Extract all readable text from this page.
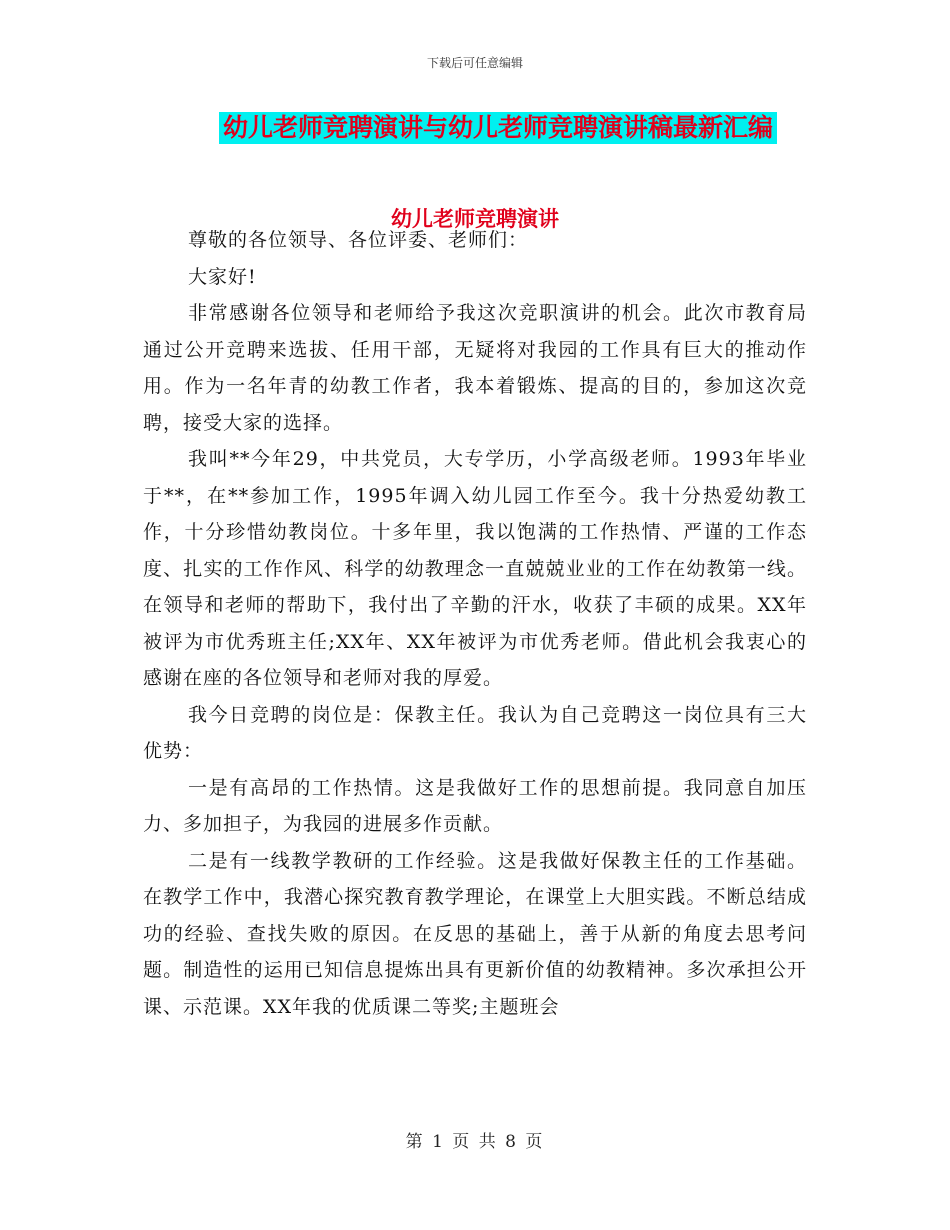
下载后可任意编辑
幼儿老师竞聘演讲与幼儿老师竞聘演讲稿最新汇编
幼儿老师竞聘演讲

尊敬的各位领导、各位评委、老师们：

大家好!

非常感谢各位领导和老师给予我这次竞职演讲的机会。此次市教育局通过公开竞聘来选拔、任用干部，无疑将对我园的工作具有巨大的推动作用。作为一名年青的幼教工作者，我本着锻炼、提高的目的，参加这次竞聘，接受大家的选择。

我叫**今年29，中共党员，大专学历，小学高级老师。1993年毕业于**，在**参加工作，1995年调入幼儿园工作至今。我十分热爱幼教工作，十分珍惜幼教岗位。十多年里，我以饱满的工作热情、严谨的工作态度、扎实的工作作风、科学的幼教理念一直兢兢业业的工作在幼教第一线。在领导和老师的帮助下，我付出了辛勤的汗水，收获了丰硕的成果。XX年被评为市优秀班主任;XX年、XX年被评为市优秀老师。借此机会我衷心的感谢在座的各位领导和老师对我的厚爱。

我今日竞聘的岗位是：保教主任。我认为自己竞聘这一岗位具有三大优势：

一是有高昂的工作热情。这是我做好工作的思想前提。我同意自加压力、多加担子，为我园的进展多作贡献。

二是有一线教学教研的工作经验。这是我做好保教主任的工作基础。在教学工作中，我潜心探究教育教学理论，在课堂上大胆实践。不断总结成功的经验、查找失败的原因。在反思的基础上，善于从新的角度去思考问题。制造性的运用已知信息提炼出具有更新价值的幼教精神。多次承担公开课、示范课。XX年我的优质课二等奖;主题班会

第 1 页 共 8 页
